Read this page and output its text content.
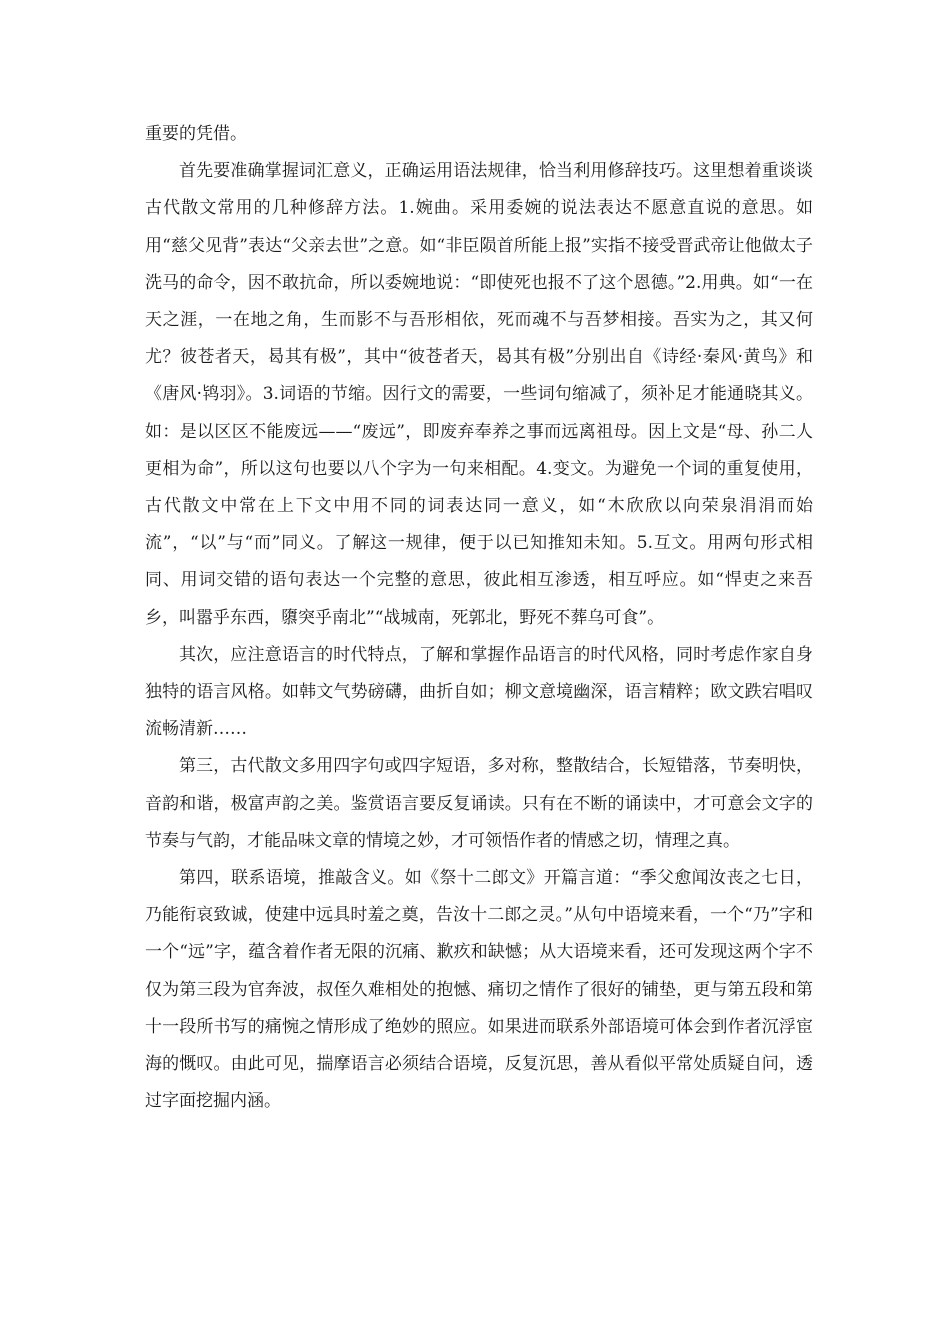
重要的凭借。

首先要准确掌握词汇意义，正确运用语法规律，恰当利用修辞技巧。这里想着重谈谈古代散文常用的几种修辞方法。1.婉曲。采用委婉的说法表达不愿意直说的意思。如用“慈父见背”表达“父亲去世”之意。如“非臣陨首所能上报”实指不接受晋武帝让他做太子洗马的命令，因不敢抗命，所以委婉地说：“即使死也报不了这个恩德。”2.用典。如“一在天之涯，一在地之角，生而影不与吾形相依，死而魂不与吾梦相接。吾实为之，其又何尤？彼苍者天，曷其有极”，其中“彼苍者天，曷其有极”分别出自《诗经·秦风·黄鸟》和《唐风·鸨羽》。3.词语的节缩。因行文的需要，一些词句缩减了，须补足才能通晓其义。如：是以区区不能废远——“废远”，即废弃奉养之事而远离祖母。因上文是“母、孙二人更相为命”，所以这句也要以八个字为一句来相配。4.变文。为避免一个词的重复使用，古代散文中常在上下文中用不同的词表达同一意义，如“木欣欣以向荣泉涓涓而始流”，“以”与“而”同义。了解这一规律，便于以已知推知未知。5.互文。用两句形式相同、用词交错的语句表达一个完整的意思，彼此相互渗透，相互呼应。如“悍吏之来吾乡，叫嚣乎东西，隳突乎南北”“战城南，死郭北，野死不葬乌可食”。

其次，应注意语言的时代特点，了解和掌握作品语言的时代风格，同时考虑作家自身独特的语言风格。如韩文气势磅礴，曲折自如；柳文意境幽深，语言精粹；欧文跌宕唱叹流畅清新……

第三，古代散文多用四字句或四字短语，多对称，整散结合，长短错落，节奏明快，音韵和谐，极富声韵之美。鉴赏语言要反复诵读。只有在不断的诵读中，才可意会文字的节奏与气韵，才能品味文章的情境之妙，才可领悟作者的情感之切，情理之真。

第四，联系语境，推敲含义。如《祭十二郎文》开篇言道：“季父愈闻汝丧之七日，乃能衔哀致诚，使建中远具时羞之奠，告汝十二郎之灵。”从句中语境来看，一个“乃”字和一个“远”字，蕴含着作者无限的沉痛、歉疚和缺憾；从大语境来看，还可发现这两个字不仅为第三段为官奔波，叔侄久难相处的抱憾、痛切之情作了很好的铺垫，更与第五段和第十一段所书写的痛惋之情形成了绝妙的照应。如果进而联系外部语境可体会到作者沉浮宦海的慨叹。由此可见，揣摩语言必须结合语境，反复沉思，善从看似平常处质疑自问，透过字面挖掘内涵。
